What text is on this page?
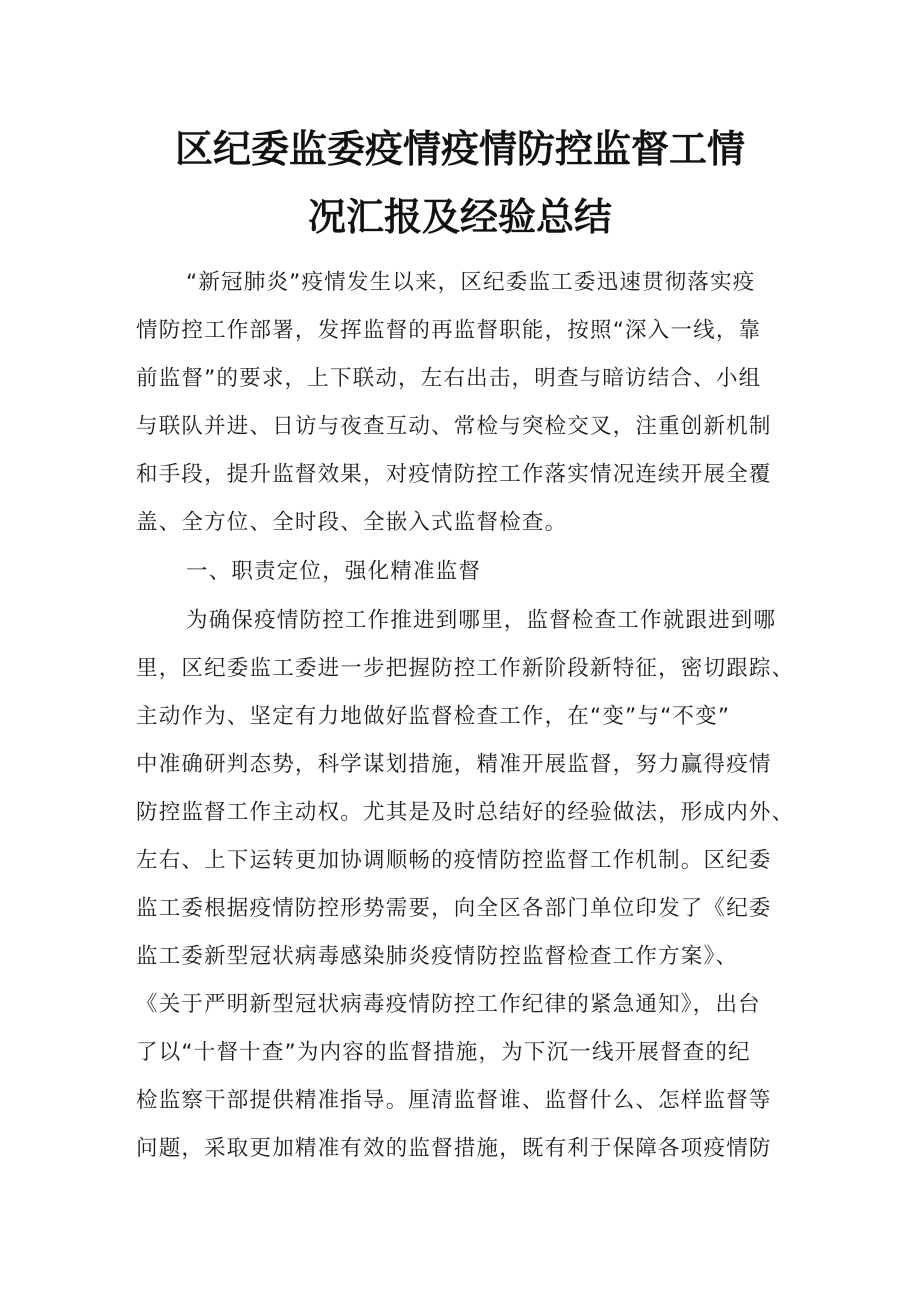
区纪委监委疫情疫情防控监督工情
况汇报及经验总结
“新冠肺炎”疫情发生以来，区纪委监工委迅速贯彻落实疫
情防控工作部署，发挥监督的再监督职能，按照“深入一线，靠
前监督”的要求，上下联动，左右出击，明查与暗访结合、小组
与联队并进、日访与夜查互动、常检与突检交叉，注重创新机制
和手段，提升监督效果，对疫情防控工作落实情况连续开展全覆
盖、全方位、全时段、全嵌入式监督检查。
一、职责定位，强化精准监督
为确保疫情防控工作推进到哪里，监督检查工作就跟进到哪
里，区纪委监工委进一步把握防控工作新阶段新特征，密切跟踪、
主动作为、坚定有力地做好监督检查工作，在“变”与“不变”
中准确研判态势，科学谋划措施，精准开展监督，努力赢得疫情
防控监督工作主动权。尤其是及时总结好的经验做法，形成内外、
左右、上下运转更加协调顺畅的疫情防控监督工作机制。区纪委
监工委根据疫情防控形势需要，向全区各部门单位印发了《纪委
监工委新型冠状病毒感染肺炎疫情防控监督检查工作方案》、
《关于严明新型冠状病毒疫情防控工作纪律的紧急通知》，出台
了以“十督十查”为内容的监督措施，为下沉一线开展督查的纪
检监察干部提供精准指导。厘清监督谁、监督什么、怎样监督等
问题，采取更加精准有效的监督措施，既有利于保障各项疫情防
